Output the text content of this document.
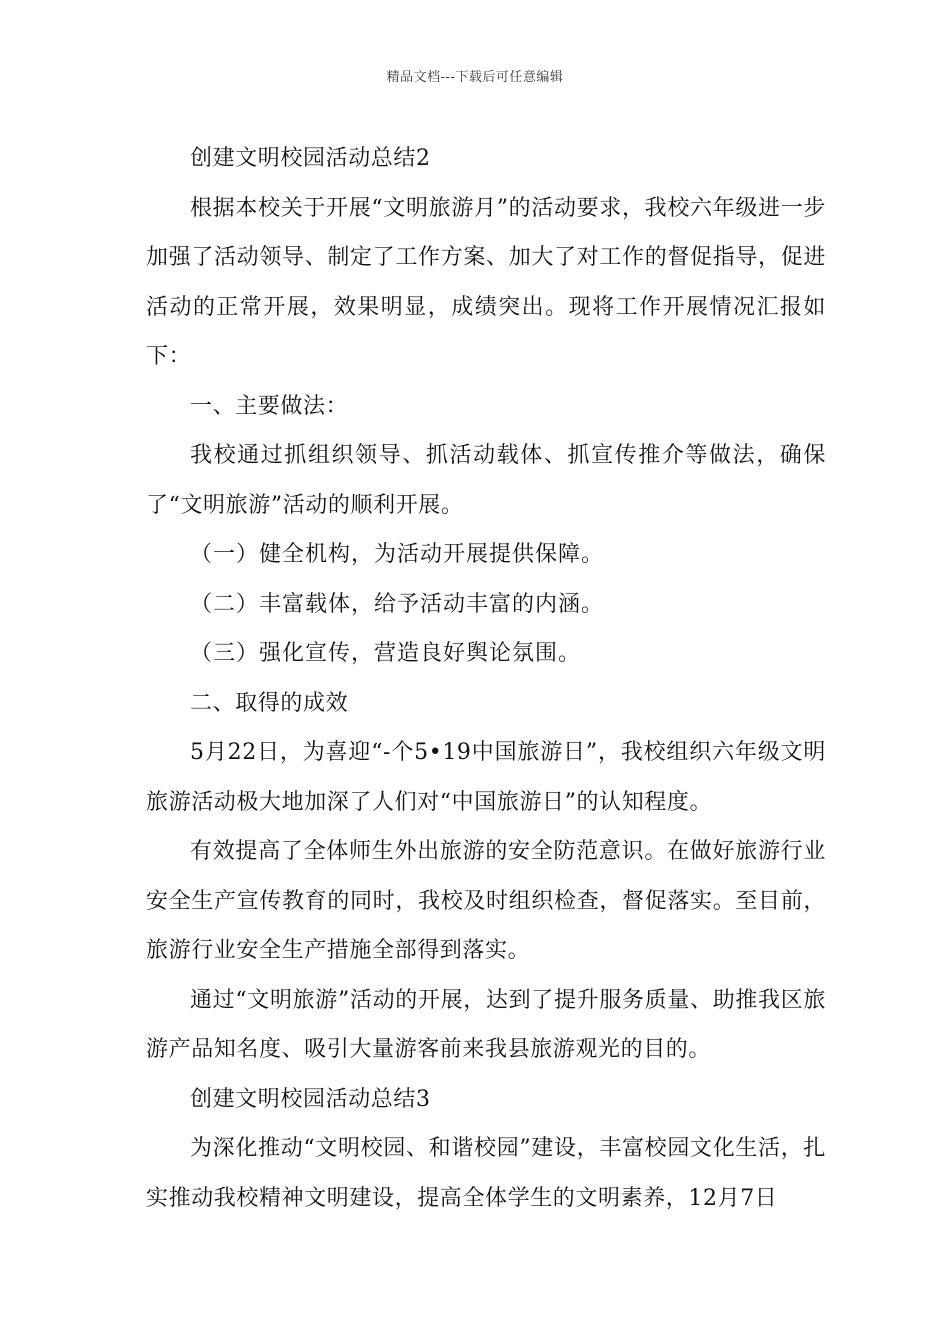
精品文档---下载后可任意编辑

创建文明校园活动总结2

根据本校关于开展“文明旅游月”的活动要求，我校六年级进一步加强了活动领导、制定了工作方案、加大了对工作的督促指导，促进活动的正常开展，效果明显，成绩突出。现将工作开展情况汇报如下：

一、主要做法：

我校通过抓组织领导、抓活动载体、抓宣传推介等做法，确保了“文明旅游”活动的顺利开展。

（一）健全机构，为活动开展提供保障。

（二）丰富载体，给予活动丰富的内涵。

（三）强化宣传，营造良好舆论氛围。

二、取得的成效

5月22日，为喜迎“-个5•19中国旅游日”，我校组织六年级文明旅游活动极大地加深了人们对“中国旅游日”的认知程度。

有效提高了全体师生外出旅游的安全防范意识。在做好旅游行业安全生产宣传教育的同时，我校及时组织检查，督促落实。至目前，旅游行业安全生产措施全部得到落实。

通过“文明旅游”活动的开展，达到了提升服务质量、助推我区旅游产品知名度、吸引大量游客前来我县旅游观光的目的。

创建文明校园活动总结3

为深化推动“文明校园、和谐校园”建设，丰富校园文化生活，扎实推动我校精神文明建设，提高全体学生的文明素养，12月7日
